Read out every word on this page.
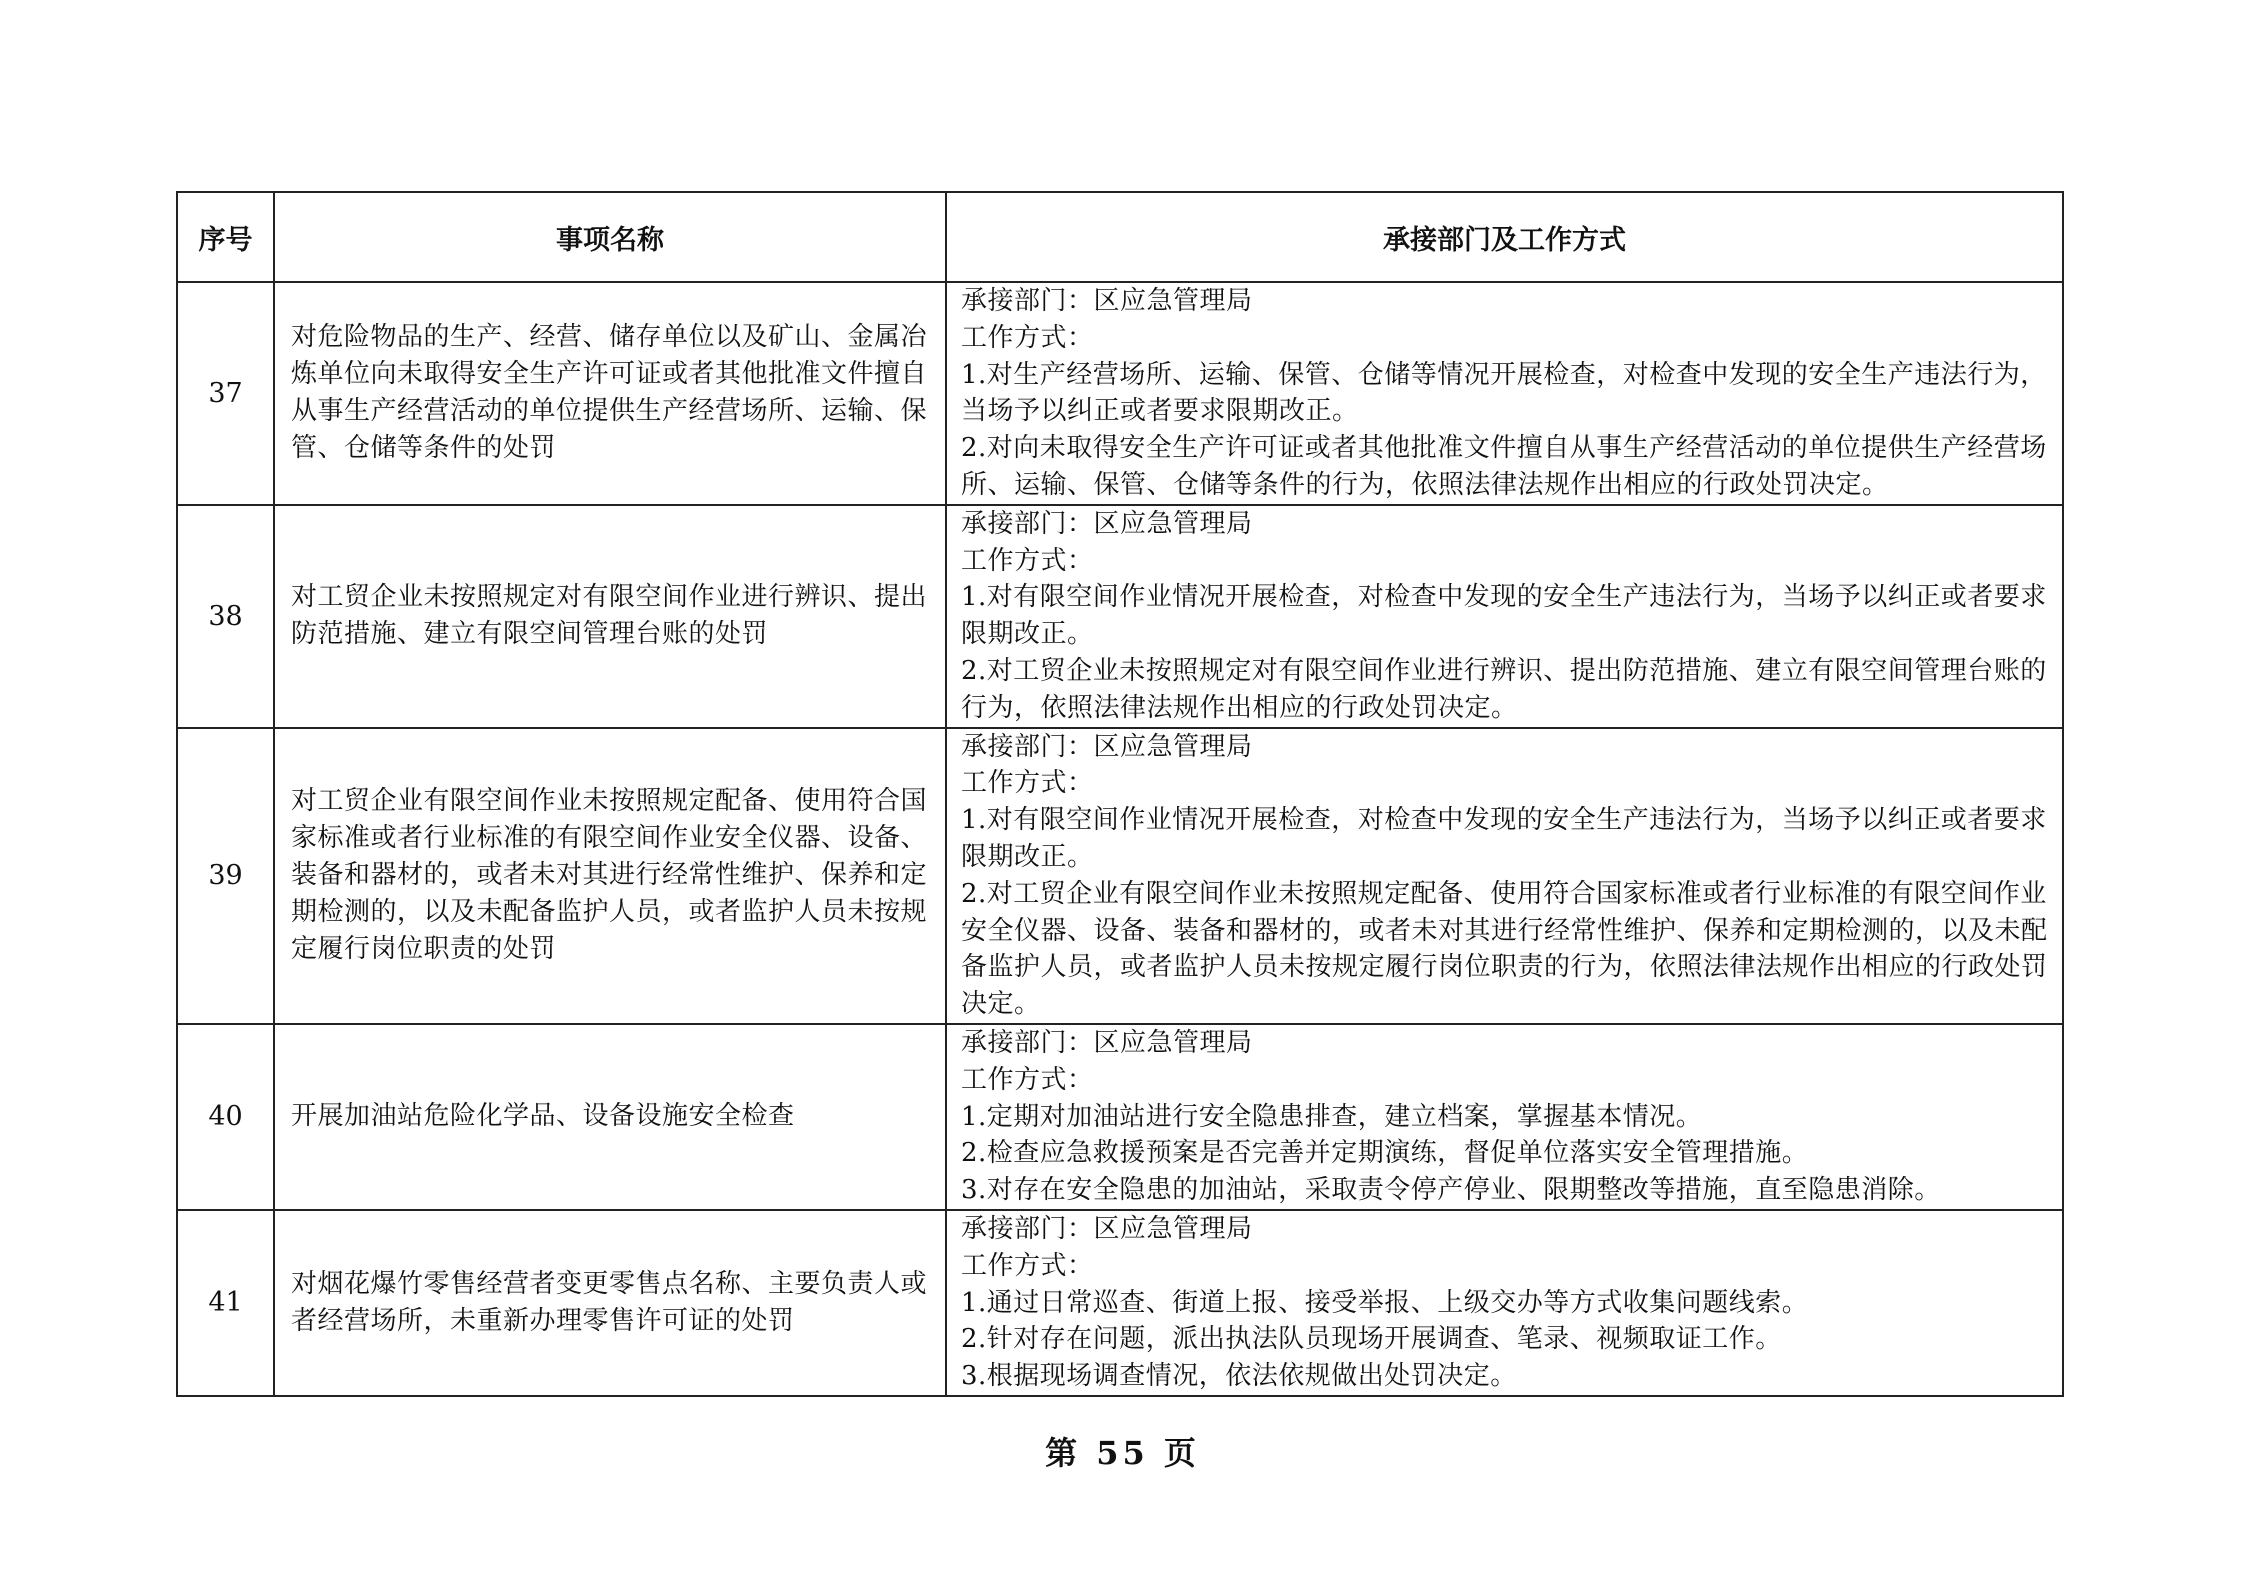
序号	事项名称	承接部门及工作方式
37	对危险物品的生产、经营、储存单位以及矿山、金属冶炼单位向未取得安全生产许可证或者其他批准文件擅自从事生产经营活动的单位提供生产经营场所、运输、保管、仓储等条件的处罚	承接部门：区应急管理局
工作方式：
1.对生产经营场所、运输、保管、仓储等情况开展检查，对检查中发现的安全生产违法行为，当场予以纠正或者要求限期改正。
2.对向未取得安全生产许可证或者其他批准文件擅自从事生产经营活动的单位提供生产经营场所、运输、保管、仓储等条件的行为，依照法律法规作出相应的行政处罚决定。

38	对工贸企业未按照规定对有限空间作业进行辨识、提出防范措施、建立有限空间管理台账的处罚	承接部门：区应急管理局
工作方式：
1.对有限空间作业情况开展检查，对检查中发现的安全生产违法行为，当场予以纠正或者要求限期改正。
2.对工贸企业未按照规定对有限空间作业进行辨识、提出防范措施、建立有限空间管理台账的行为，依照法律法规作出相应的行政处罚决定。

39	对工贸企业有限空间作业未按照规定配备、使用符合国家标准或者行业标准的有限空间作业安全仪器、设备、装备和器材的，或者未对其进行经常性维护、保养和定期检测的，以及未配备监护人员，或者监护人员未按规定履行岗位职责的处罚	承接部门：区应急管理局
工作方式：
1.对有限空间作业情况开展检查，对检查中发现的安全生产违法行为，当场予以纠正或者要求限期改正。
2.对工贸企业有限空间作业未按照规定配备、使用符合国家标准或者行业标准的有限空间作业安全仪器、设备、装备和器材的，或者未对其进行经常性维护、保养和定期检测的，以及未配备监护人员，或者监护人员未按规定履行岗位职责的行为，依照法律法规作出相应的行政处罚决定。

40	开展加油站危险化学品、设备设施安全检查	承接部门：区应急管理局
工作方式：
1.定期对加油站进行安全隐患排查，建立档案，掌握基本情况。
2.检查应急救援预案是否完善并定期演练，督促单位落实安全管理措施。
3.对存在安全隐患的加油站，采取责令停产停业、限期整改等措施，直至隐患消除。

41	对烟花爆竹零售经营者变更零售点名称、主要负责人或者经营场所，未重新办理零售许可证的处罚	承接部门：区应急管理局
工作方式：
1.通过日常巡查、街道上报、接受举报、上级交办等方式收集问题线索。
2.针对存在问题，派出执法队员现场开展调查、笔录、视频取证工作。
3.根据现场调查情况，依法依规做出处罚决定。
第 55 页
